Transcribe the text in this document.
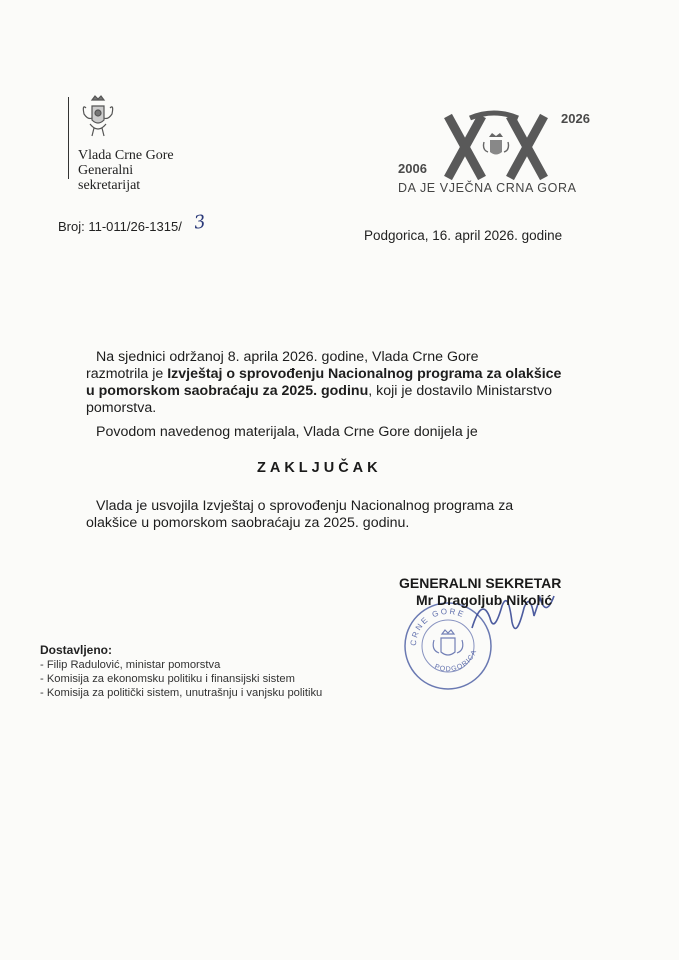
Vlada Crne Gore
Generalni
sekretarijat
2006
2026
DA JE VJEČNA CRNA GORA
Broj: 11-011/26-1315/ 3
Podgorica, 16. april 2026. godine
Na sjednici održanoj 8. aprila 2026. godine, Vlada Crne Gore
razmotrila je Izvještaj o sprovođenju Nacionalnog programa za olakšice
u pomorskom saobraćaju za 2025. godinu, koji je dostavilo Ministarstvo
pomorstva.
Povodom navedenog materijala, Vlada Crne Gore donijela je
ZAKLJUČAK
Vlada je usvojila Izvještaj o sprovođenju Nacionalnog programa za
olakšice u pomorskom saobraćaju za 2025. godinu.
CRNE GORE
PODGORICA
GENERALNI SEKRETAR
Mr Dragoljub Nikolić
Dostavljeno:
- Filip Radulović, ministar pomorstva
- Komisija za ekonomsku politiku i finansijski sistem
- Komisija za politički sistem, unutrašnju i vanjsku politiku
